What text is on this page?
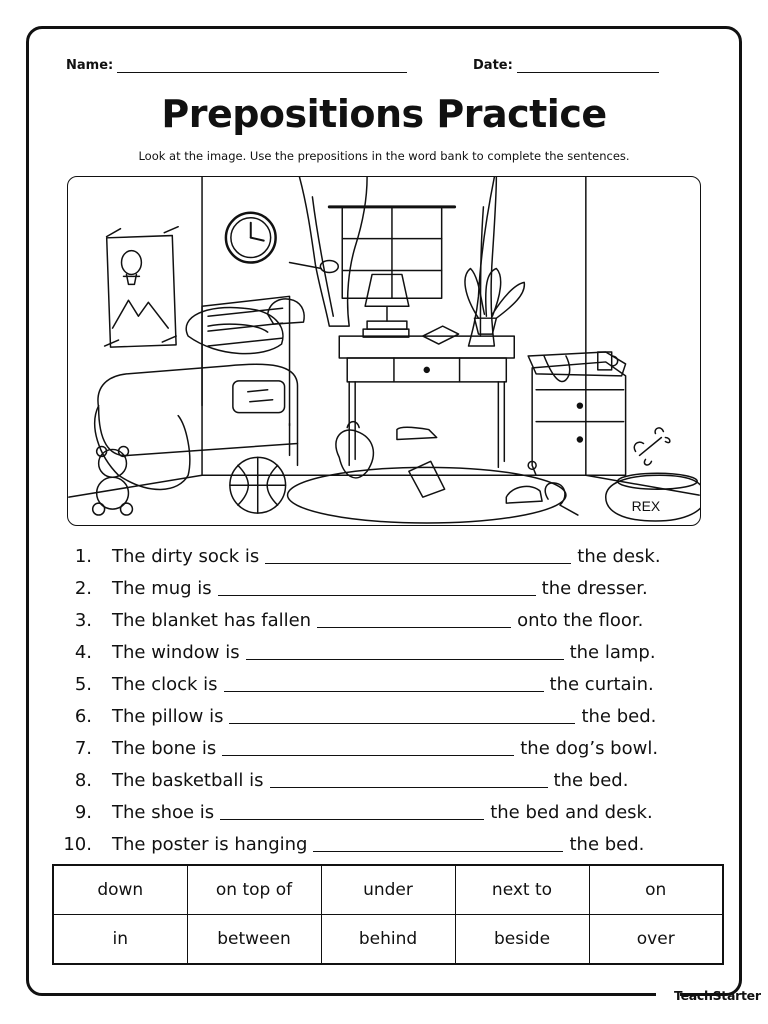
Name:	Date:
Prepositions Practice
Look at the image. Use the prepositions in the word bank to complete the sentences.
REX
1. The dirty sock is	the desk.
2. The mug is	the dresser.
3. The blanket has fallen	onto the floor.
4. The window is	the lamp.
5. The clock is	the curtain.
6. The pillow is	the bed.
7. The bone is	the dog’s bowl.
8. The basketball is	the bed.
9. The shoe is	the bed and desk.
10. The poster is hanging	the bed.
down	on top of	under	next to	on
in	between	behind	beside	over
TeachStarter
